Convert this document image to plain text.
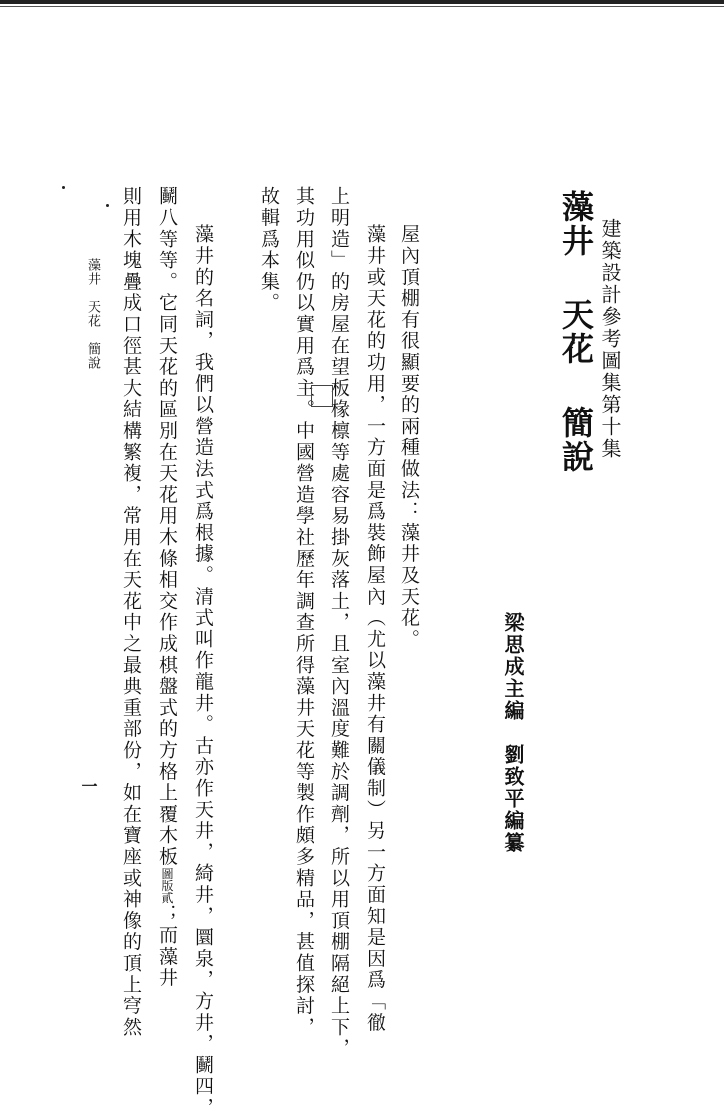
建築設計參考圖集第十集
藻井 天花 簡說
梁思成主編　劉致平編纂
屋內頂棚有很顯要的兩種做法：藻井及天花。
藻井或天花的功用，一方面是爲裝飾屋內（尤以藻井有關儀制）另一方面知是因爲「徹
上明造」的房屋在望板椽檩等處容易掛灰落土，且室內溫度難於調劑，所以用頂棚隔絕上下，
其功用似仍以實用爲主。中國營造學社歷年調查所得藻井天花等製作頗多精品，甚值探討，
故輯爲本集。
藻井的名詞，我們以營造法式爲根據。清式叫作龍井。古亦作天井，綺井，圜泉，方井，鬭四，
鬭八等等。它同天花的區別在天花用木條相交作成棋盤式的方格上覆木板圖版貳；而藻井
則用木塊疊成口徑甚大結構繁複，常用在天花中之最典重部份，如在寶座或神像的頂上穹然
藻井　天花　簡說
一
